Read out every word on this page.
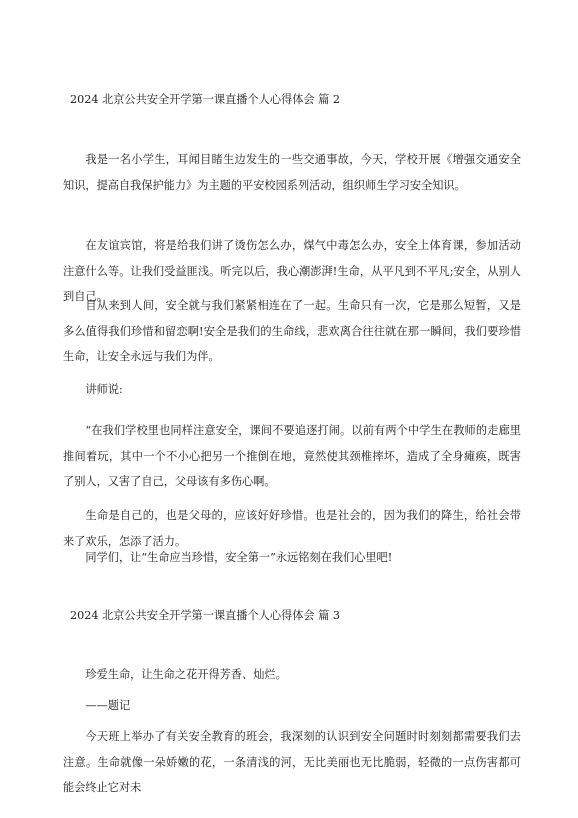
2024 北京公共安全开学第一课直播个人心得体会 篇 2

我是一名小学生，耳闻目睹生边发生的一些交通事故，今天，学校开展《增强交通安全知识，提高自我保护能力》为主题的平安校园系列活动，组织师生学习安全知识。

在友谊宾馆，将是给我们讲了烫伤怎么办，煤气中毒怎么办，安全上体育课，参加活动注意什么等。让我们受益匪浅。听完以后，我心潮澎湃!生命，从平凡到不平凡;安全，从别人到自己。

自从来到人间，安全就与我们紧紧相连在了一起。生命只有一次，它是那么短暂，又是多么值得我们珍惜和留恋啊!安全是我们的生命线，悲欢离合往往就在那一瞬间，我们要珍惜生命，让安全永远与我们为伴。

讲师说:

“在我们学校里也同样注意安全，课间不要追逐打闹。以前有两个中学生在教师的走廊里推间着玩，其中一个不小心把另一个推倒在地，竟然使其颈椎摔坏，造成了全身瘫痪，既害了别人，又害了自己，父母该有多伤心啊。

生命是自己的，也是父母的，应该好好珍惜。也是社会的，因为我们的降生，给社会带来了欢乐，怎添了活力。

同学们，让“生命应当珍惜，安全第一”永远铭刻在我们心里吧!

2024 北京公共安全开学第一课直播个人心得体会 篇 3

珍爱生命，让生命之花开得芳香、灿烂。

——题记

今天班上举办了有关安全教育的班会，我深刻的认识到安全问题时时刻刻都需要我们去注意。生命就像一朵娇嫩的花，一条清浅的河，无比美丽也无比脆弱，轻微的一点伤害都可能会终止它对未
